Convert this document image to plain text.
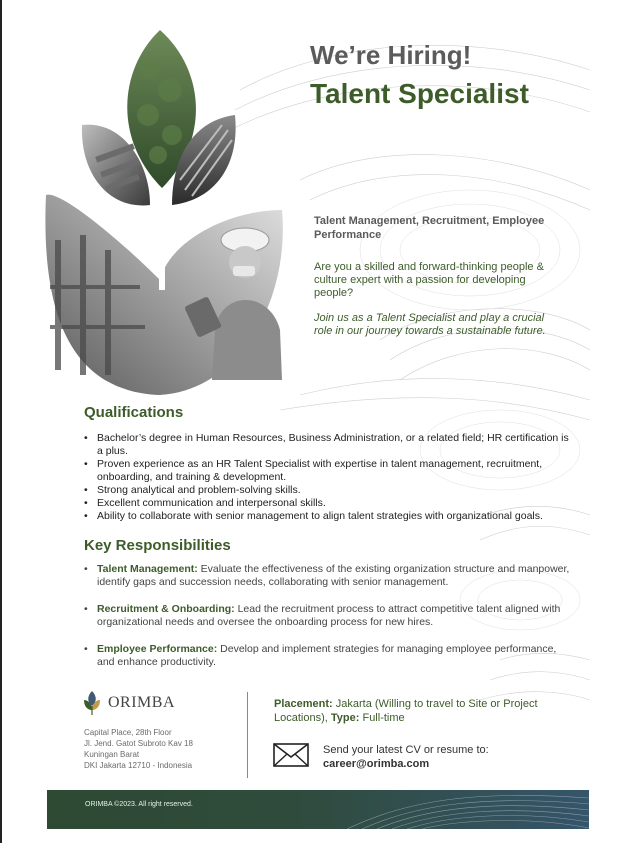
We’re Hiring!
Talent Specialist
Talent Management, Recruitment, Employee Performance
Are you a skilled and forward-thinking people & culture expert with a passion for developing people?
Join us as a Talent Specialist and play a crucial role in our journey towards a sustainable future.
Qualifications
• Bachelor’s degree in Human Resources, Business Administration, or a related field; HR certification is a plus.
• Proven experience as an HR Talent Specialist with expertise in talent management, recruitment, onboarding, and training & development.
• Strong analytical and problem-solving skills.
• Excellent communication and interpersonal skills.
• Ability to collaborate with senior management to align talent strategies with organizational goals.
Key Responsibilities
• Talent Management: Evaluate the effectiveness of the existing organization structure and manpower, identify gaps and succession needs, collaborating with senior management.
• Recruitment & Onboarding: Lead the recruitment process to attract competitive talent aligned with organizational needs and oversee the onboarding process for new hires.
• Employee Performance: Develop and implement strategies for managing employee performance, and enhance productivity.
ORIMBA
Capital Place, 28th Floor
Jl. Jend. Gatot Subroto Kav 18
Kuningan Barat
DKI Jakarta 12710 - Indonesia
Placement: Jakarta (Willing to travel to Site or Project Locations), Type: Full-time
Send your latest CV or resume to:
career@orimba.com
ORIMBA ©2023. All right reserved.
